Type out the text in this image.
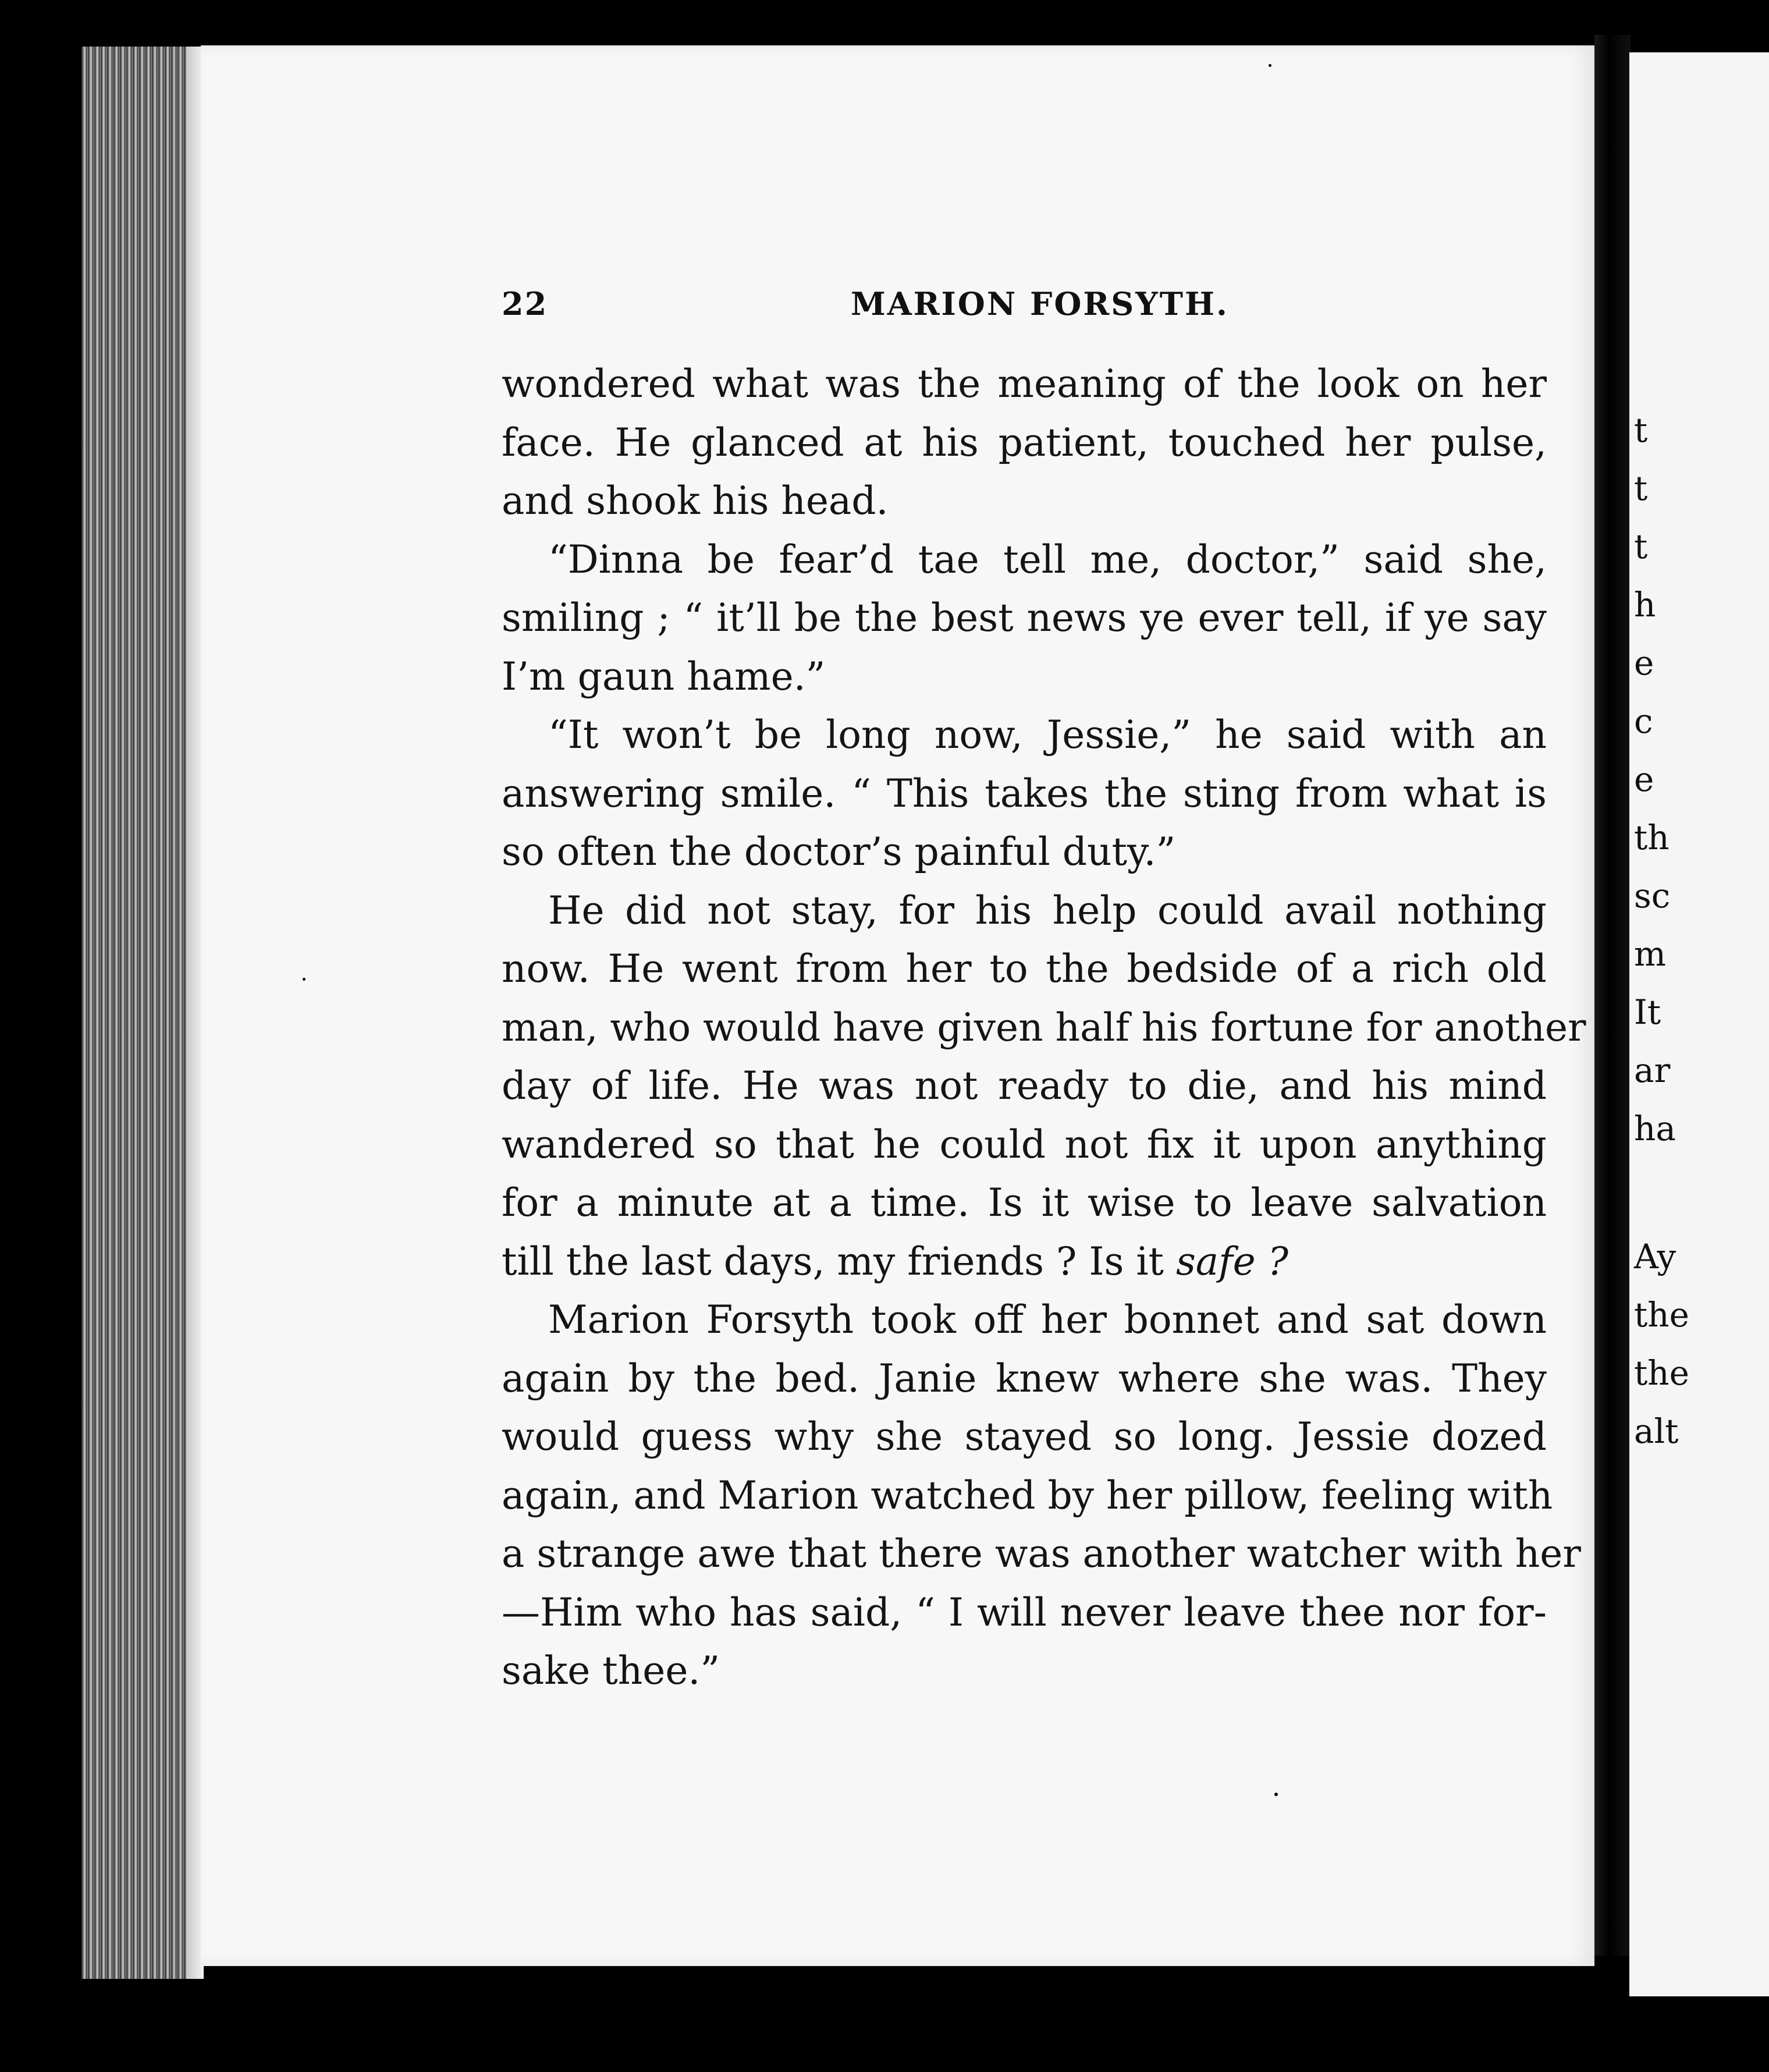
t
t
t
h
e
c
e
th
sc
m
It
ar
ha
Ay
the
the
alt
22	MARION FORSYTH.
wondered what was the meaning of the look on her
face. He glanced at his patient, touched her pulse,
and shook his head.
“Dinna be fear’d tae tell me, doctor,” said she,
smiling ; “ it’ll be the best news ye ever tell, if ye say
I’m gaun hame.”
“It won’t be long now, Jessie,” he said with an
answering smile. “ This takes the sting from what is
so often the doctor’s painful duty.”
He did not stay, for his help could avail nothing
now. He went from her to the bedside of a rich old
man, who would have given half his fortune for another
day of life. He was not ready to die, and his mind
wandered so that he could not fix it upon anything
for a minute at a time. Is it wise to leave salvation
till the last days, my friends ? Is it safe ?
Marion Forsyth took off her bonnet and sat down
again by the bed. Janie knew where she was. They
would guess why she stayed so long. Jessie dozed
again, and Marion watched by her pillow, feeling with
a strange awe that there was another watcher with her
—Him who has said, “ I will never leave thee nor for-
sake thee.”
